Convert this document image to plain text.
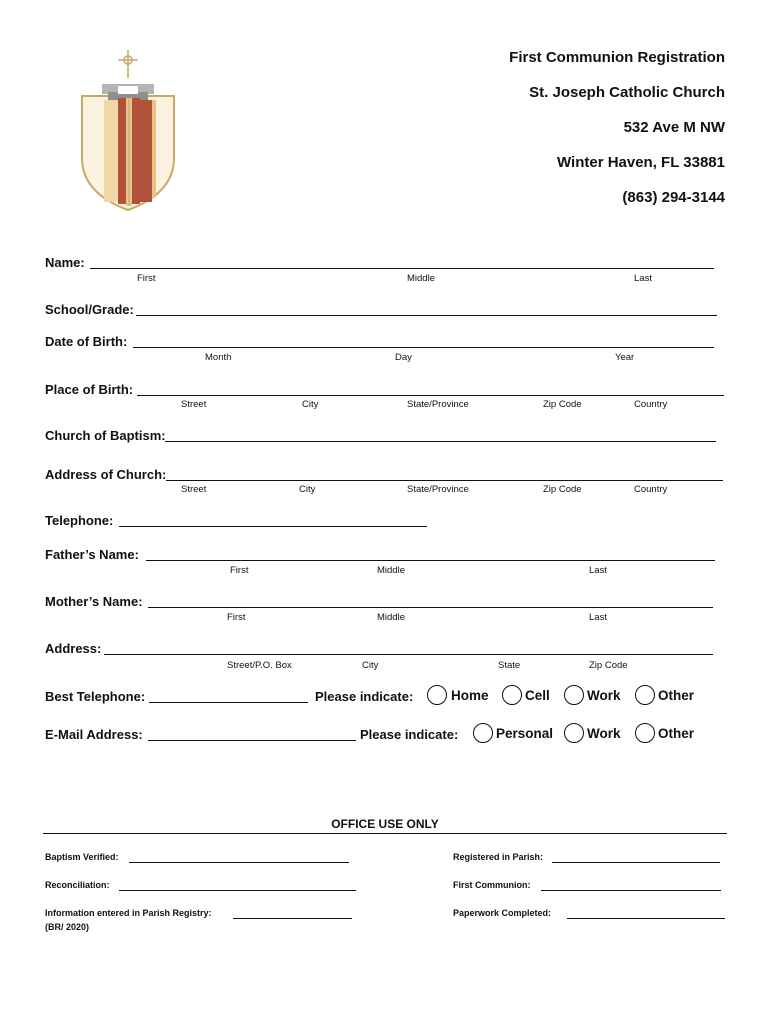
First Communion Registration
St. Joseph Catholic Church
532 Ave M NW
Winter Haven, FL 33881
(863) 294-3144
Name:
First	Middle	Last
School/Grade:
Date of Birth:
Month	Day	Year
Place of Birth:
Street	City	State/Province	Zip Code	Country
Church of Baptism:
Address of Church:
Street	City	State/Province	Zip Code	Country
Telephone:
Father’s Name:
First	Middle	Last
Mother’s Name:
First	Middle	Last
Address:
Street/P.O. Box	City	State	Zip Code
Best Telephone:	Please indicate:	Home	Cell	Work	Other
E-Mail Address:	Please indicate:	Personal	Work	Other
OFFICE USE ONLY
Baptism Verified:	Registered in Parish:
Reconciliation:	First Communion:
Information entered in Parish Registry:	Paperwork Completed:
(BR/ 2020)
